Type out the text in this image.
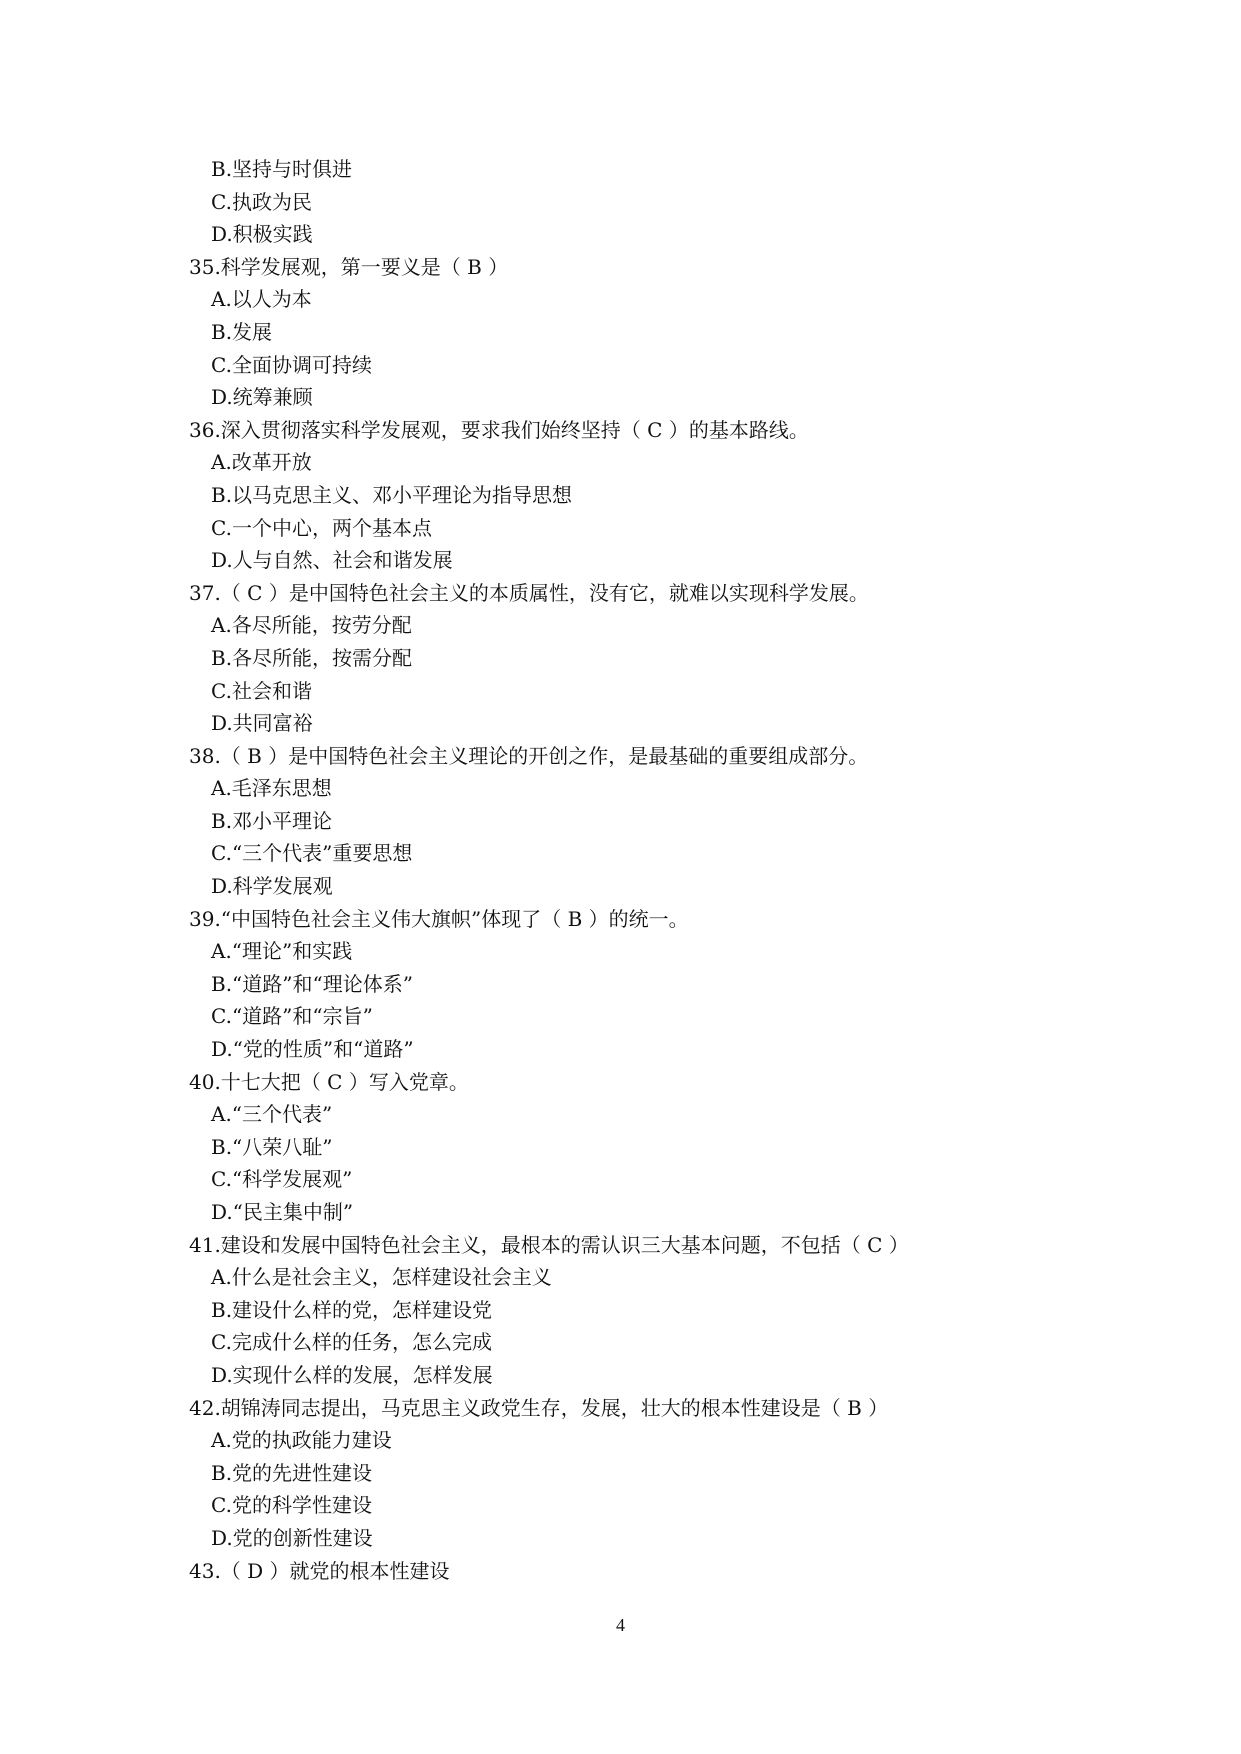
B.坚持与时俱进
C.执政为民
D.积极实践
35.科学发展观，第一要义是（ B ）
A.以人为本
B.发展
C.全面协调可持续
D.统筹兼顾
36.深入贯彻落实科学发展观，要求我们始终坚持（ C ）的基本路线。
A.改革开放
B.以马克思主义、邓小平理论为指导思想
C.一个中心，两个基本点
D.人与自然、社会和谐发展
37.（ C ）是中国特色社会主义的本质属性，没有它，就难以实现科学发展。
A.各尽所能，按劳分配
B.各尽所能，按需分配
C.社会和谐
D.共同富裕
38.（ B ）是中国特色社会主义理论的开创之作，是最基础的重要组成部分。
A.毛泽东思想
B.邓小平理论
C.“三个代表”重要思想
D.科学发展观
39.“中国特色社会主义伟大旗帜”体现了（ B ）的统一。
A.“理论”和实践
B.“道路”和“理论体系”
C.“道路”和“宗旨”
D.“党的性质”和“道路”
40.十七大把（ C ）写入党章。
A.“三个代表”
B.“八荣八耻”
C.“科学发展观”
D.“民主集中制”
41.建设和发展中国特色社会主义，最根本的需认识三大基本问题，不包括（ C ）
A.什么是社会主义，怎样建设社会主义
B.建设什么样的党，怎样建设党
C.完成什么样的任务，怎么完成
D.实现什么样的发展，怎样发展
42.胡锦涛同志提出，马克思主义政党生存，发展，壮大的根本性建设是（ B ）
A.党的执政能力建设
B.党的先进性建设
C.党的科学性建设
D.党的创新性建设
43.（ D ）就党的根本性建设
4
